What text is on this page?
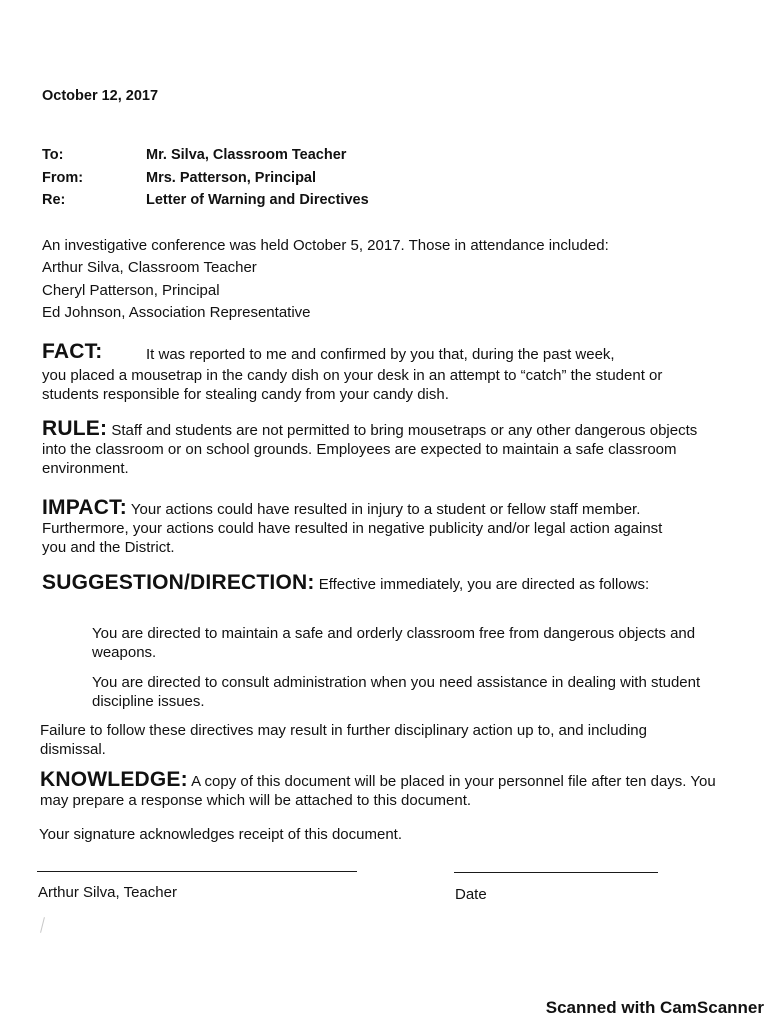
October 12, 2017
To:	Mr. Silva, Classroom Teacher
From:	Mrs. Patterson, Principal
Re:	Letter of Warning and Directives
An investigative conference was held October 5, 2017. Those in attendance included:
Arthur Silva, Classroom Teacher
Cheryl Patterson, Principal
Ed Johnson, Association Representative
FACT:	It was reported to me and confirmed by you that, during the past week,
you placed a mousetrap in the candy dish on your desk in an attempt to “catch” the student or students responsible for stealing candy from your candy dish.
RULE: Staff and students are not permitted to bring mousetraps or any other dangerous objects into the classroom or on school grounds. Employees are expected to maintain a safe classroom environment.
IMPACT: Your actions could have resulted in injury to a student or fellow staff member. Furthermore, your actions could have resulted in negative publicity and/or legal action against you and the District.
SUGGESTION/DIRECTION: Effective immediately, you are directed as follows:
You are directed to maintain a safe and orderly classroom free from dangerous objects and weapons.
You are directed to consult administration when you need assistance in dealing with student discipline issues.
Failure to follow these directives may result in further disciplinary action up to, and including dismissal.
KNOWLEDGE: A copy of this document will be placed in your personnel file after ten days. You may prepare a response which will be attached to this document.
Your signature acknowledges receipt of this document.
Arthur Silva, Teacher	Date
Scanned with CamScanner
